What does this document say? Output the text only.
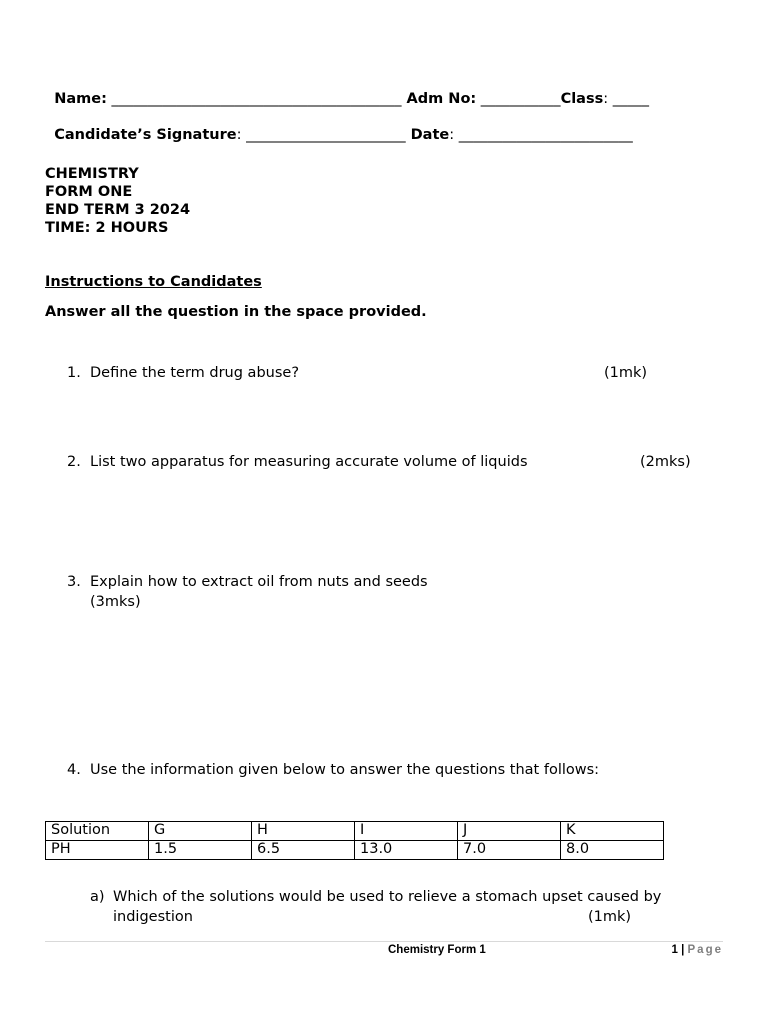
Name: ________________________________________ Adm No: ___________Class: _____

Candidate’s Signature: ______________________ Date: ________________________

CHEMISTRY
FORM ONE
END TERM 3 2024
TIME: 2 HOURS
Instructions to Candidates
Answer all the question in the space provided.
1. Define the term drug abuse?	(1mk)
2. List two apparatus for measuring accurate volume of liquids	(2mks)
3. Explain how to extract oil from nuts and seeds
(3mks)
4. Use the information given below to answer the questions that follows:
Solution	G	H	I	J	K
PH	1.5	6.5	13.0	7.0	8.0
a) Which of the solutions would be used to relieve a stomach upset caused by
indigestion	(1mk)
Chemistry Form 1	1 | Page
